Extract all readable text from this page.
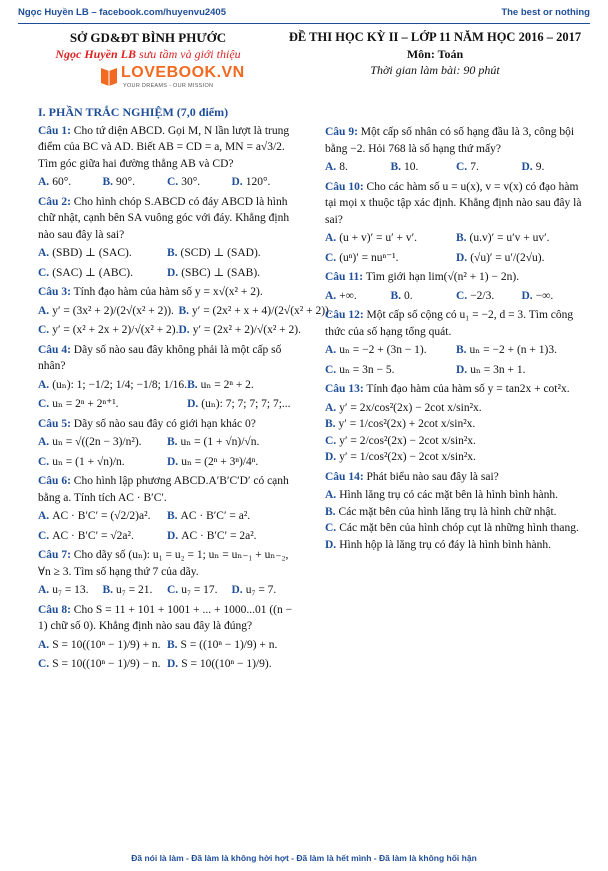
Ngọc Huyền LB – facebook.com/huyenvu2405	The best or nothing
SỞ GD&ĐT BÌNH PHƯỚC
Ngọc Huyền LB sưu tầm và giới thiệu
LOVEBOOK.VN
YOUR DREAMS - OUR MISSION
ĐỀ THI HỌC KỲ II – LỚP 11 NĂM HỌC 2016 – 2017
Môn: Toán
Thời gian làm bài: 90 phút

I. PHẦN TRẮC NGHIỆM (7,0 điểm)

Câu 1: Cho tứ diện ABCD. Gọi M, N lần lượt là trung điểm của BC và AD. Biết AB = CD = a, MN = a√3/2. Tìm góc giữa hai đường thẳng AB và CD?

A. 60°.	B. 90°.	C. 30°.	D. 120°.

Câu 2: Cho hình chóp S.ABCD có đáy ABCD là hình chữ nhật, cạnh bên SA vuông góc với đáy. Khẳng định nào sau đây là sai?

A. (SBD) ⊥ (SAC).	B. (SCD) ⊥ (SAD).
C. (SAC) ⊥ (ABC).	D. (SBC) ⊥ (SAB).

Câu 3: Tính đạo hàm của hàm số y = x√(x² + 2).

A. y′ = (3x² + 2)/(2√(x² + 2)). B. y′ = (2x² + x + 4)/(2√(x² + 2)).
C. y′ = (x² + 2x + 2)/√(x² + 2). D. y′ = (2x² + 2)/√(x² + 2).

Câu 4: Dãy số nào sau đây không phải là một cấp số nhân?

A. (uₙ): 1; −1/2; 1/4; −1/8; 1/16. B. uₙ = 2ⁿ + 2.
C. uₙ = 2ⁿ + 2ⁿ⁺¹.	D. (uₙ): 7; 7; 7; 7; 7;...

Câu 5: Dãy số nào sau đây có giới hạn khác 0?

A. uₙ = √((2n − 3)/n²).	B. uₙ = (1 + √n)/√n.
C. uₙ = (1 + √n)/n.	D. uₙ = (2ⁿ + 3ⁿ)/4ⁿ.

Câu 6: Cho hình lập phương ABCD.A′B′C′D′ có cạnh bằng a. Tính tích AC · B′C′.

A. AC · B′C′ = (√2/2)a².	B. AC · B′C′ = a².
C. AC · B′C′ = √2a².	D. AC · B′C′ = 2a².

Câu 7: Cho dãy số (uₙ): u₁ = u₂ = 1; uₙ = uₙ₋₁ + uₙ₋₂, ∀n ≥ 3. Tìm số hạng thứ 7 của dãy.

A. u₇ = 13.	B. u₇ = 21.	C. u₇ = 17.	D. u₇ = 7.

Câu 8: Cho S = 11 + 101 + 1001 + ... + 1000...01 ((n − 1) chữ số 0). Khẳng định nào sau đây là đúng?

A. S = 10((10ⁿ − 1)/9) + n. B. S = ((10ⁿ − 1)/9) + n.
C. S = 10((10ⁿ − 1)/9) − n. D. S = 10((10ⁿ − 1)/9).

Câu 9: Một cấp số nhân có số hạng đầu là 3, công bội bằng −2. Hỏi 768 là số hạng thứ mấy?

A. 8.	B. 10.	C. 7.	D. 9.

Câu 10: Cho các hàm số u = u(x), v = v(x) có đạo hàm tại mọi x thuộc tập xác định. Khẳng định nào sau đây là sai?

A. (u + v)′ = u′ + v′.	B. (u.v)′ = u′v + uv′.
C. (uⁿ)′ = nuⁿ⁻¹.	D. (√u)′ = u′/(2√u).

Câu 11: Tìm giới hạn lim(√(n² + 1) − 2n).

A. +∞.	B. 0.	C. −2/3.	D. −∞.

Câu 12: Một cấp số cộng có u₁ = −2, d = 3. Tìm công thức của số hạng tổng quát.

A. uₙ = −2 + (3n − 1).	B. uₙ = −2 + (n + 1)3.
C. uₙ = 3n − 5.	D. uₙ = 3n + 1.

Câu 13: Tính đạo hàm của hàm số y = tan2x + cot²x.

A. y′ = 2x/cos²(2x) − 2cot x/sin²x.
B. y′ = 1/cos²(2x) + 2cot x/sin²x.
C. y′ = 2/cos²(2x) − 2cot x/sin²x.
D. y′ = 1/cos²(2x) − 2cot x/sin²x.

Câu 14: Phát biểu nào sau đây là sai?

A. Hình lăng trụ có các mặt bên là hình bình hành.
B. Các mặt bên của hình lăng trụ là hình chữ nhật.
C. Các mặt bên của hình chóp cụt là những hình thang.
D. Hình hộp là lăng trụ có đáy là hình bình hành.
Đã nói là làm - Đã làm là không hời hợt - Đã làm là hết mình - Đã làm là không hối hận
